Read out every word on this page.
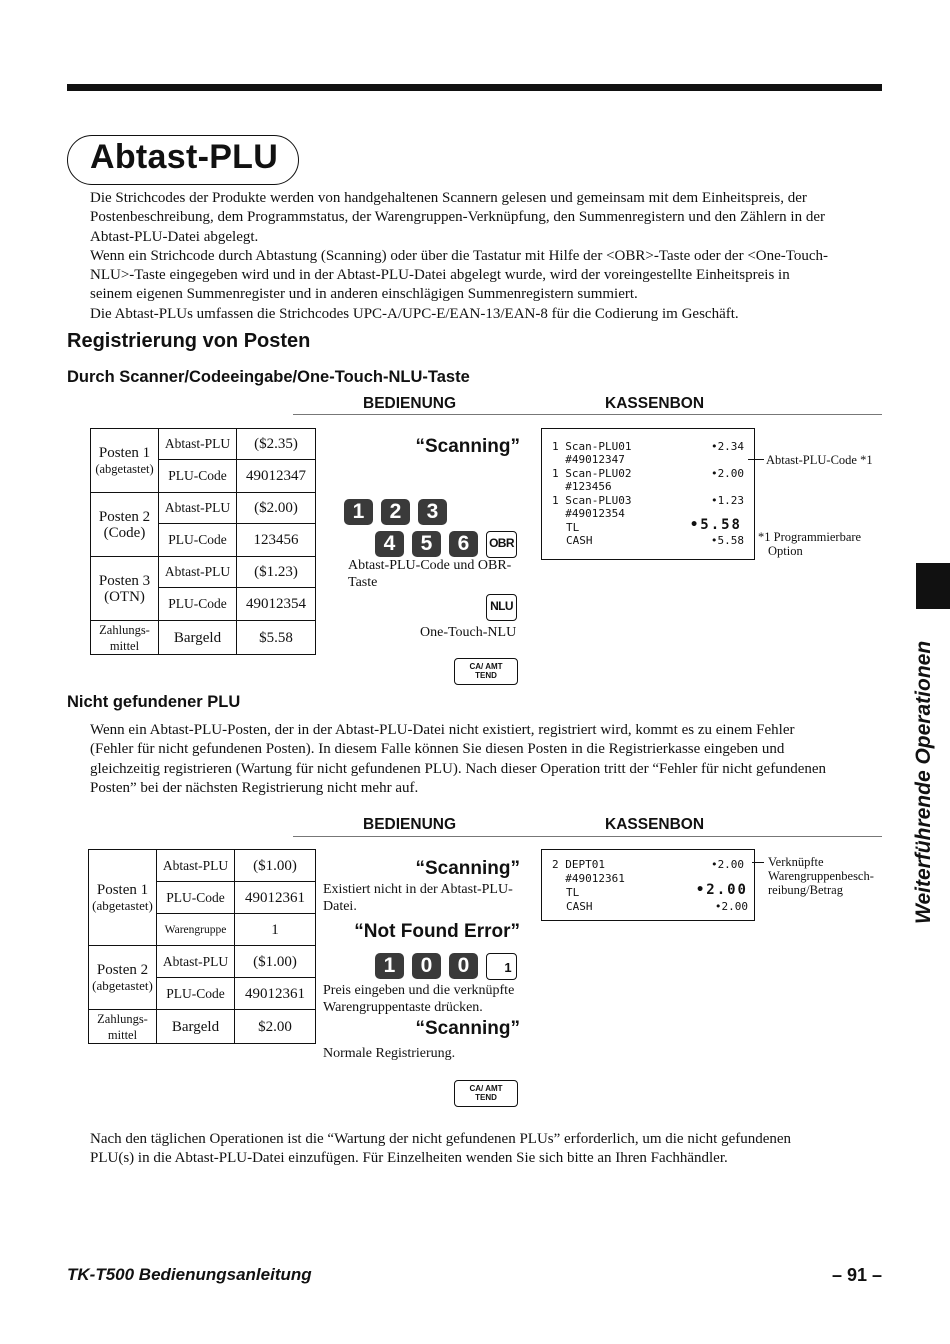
Abtast-PLU
Die Strichcodes der Produkte werden von handgehaltenen Scannern gelesen und gemeinsam mit dem Einheitspreis, der
Postenbeschreibung, dem Programmstatus, der Warengruppen-Verknüpfung, den Summenregistern und den Zählern in der
Abtast-PLU-Datei abgelegt.
Wenn ein Strichcode durch Abtastung (Scanning) oder über die Tastatur mit Hilfe der <OBR>-Taste oder der <One-Touch-
NLU>-Taste eingegeben wird und in der Abtast-PLU-Datei abgelegt wurde, wird der voreingestellte Einheitspreis in
seinem eigenen Summenregister und in anderen einschlägigen Summenregistern summiert.
Die Abtast-PLUs umfassen die Strichcodes UPC-A/UPC-E/EAN-13/EAN-8 für die Codierung im Geschäft.
Registrierung von Posten
Durch Scanner/Codeeingabe/One-Touch-NLU-Taste
BEDIENUNG	KASSENBON
Posten 1
(abgetastet)	Abtast-PLU	($2.35)
	PLU-Code	49012347

Posten 2
(Code)	Abtast-PLU	($2.00)
	PLU-Code	123456

Posten 3
(OTN)	Abtast-PLU	($1.23)
	PLU-Code	49012354

Zahlungs-
mittel	Bargeld	$5.58
“Scanning”
1	2	3
4	5	6	OBR
Abtast-PLU-Code und OBR-
Taste
NLU
One-Touch-NLU
CA/ AMT
TEND
1 Scan-PLU01            •2.34
#49012347
1 Scan-PLU02            •2.00
#123456
1 Scan-PLU03            •1.23
#49012354
TL	•5.58
CASH	•5.58
Abtast-PLU-Code *1
*1 Programmierbare
Option
Weiterführende Operationen
Nicht gefundener PLU
Wenn ein Abtast-PLU-Posten, der in der Abtast-PLU-Datei nicht existiert, registriert wird, kommt es zu einem Fehler
(Fehler für nicht gefundenen Posten). In diesem Falle können Sie diesen Posten in die Registrierkasse eingeben und
gleichzeitig registrieren (Wartung für nicht gefundenen PLU). Nach dieser Operation tritt der “Fehler für nicht gefundenen
Posten” bei der nächsten Registrierung nicht mehr auf.
BEDIENUNG	KASSENBON
Posten 1
(abgetastet)	Abtast-PLU	($1.00)
	PLU-Code	49012361
	Warengruppe	1

Posten 2
(abgetastet)	Abtast-PLU	($1.00)
	PLU-Code	49012361

Zahlungs-
mittel	Bargeld	$2.00
“Scanning”
Existiert nicht in der Abtast-PLU-
Datei.
“Not Found Error”
1	0	0	1
Preis eingeben und die verknüpfte
Warengruppentaste drücken.
“Scanning”
Normale Registrierung.
CA/ AMT
TEND
2 DEPT01                •2.00
#49012361
TL	•2.00
CASH	•2.00
Verknüpfte
Warengruppenbesch-
reibung/Betrag
Nach den täglichen Operationen ist die “Wartung der nicht gefundenen PLUs” erforderlich, um die nicht gefundenen
PLU(s) in die Abtast-PLU-Datei einzufügen. Für Einzelheiten wenden Sie sich bitte an Ihren Fachhändler.
TK-T500 Bedienungsanleitung	– 91 –
